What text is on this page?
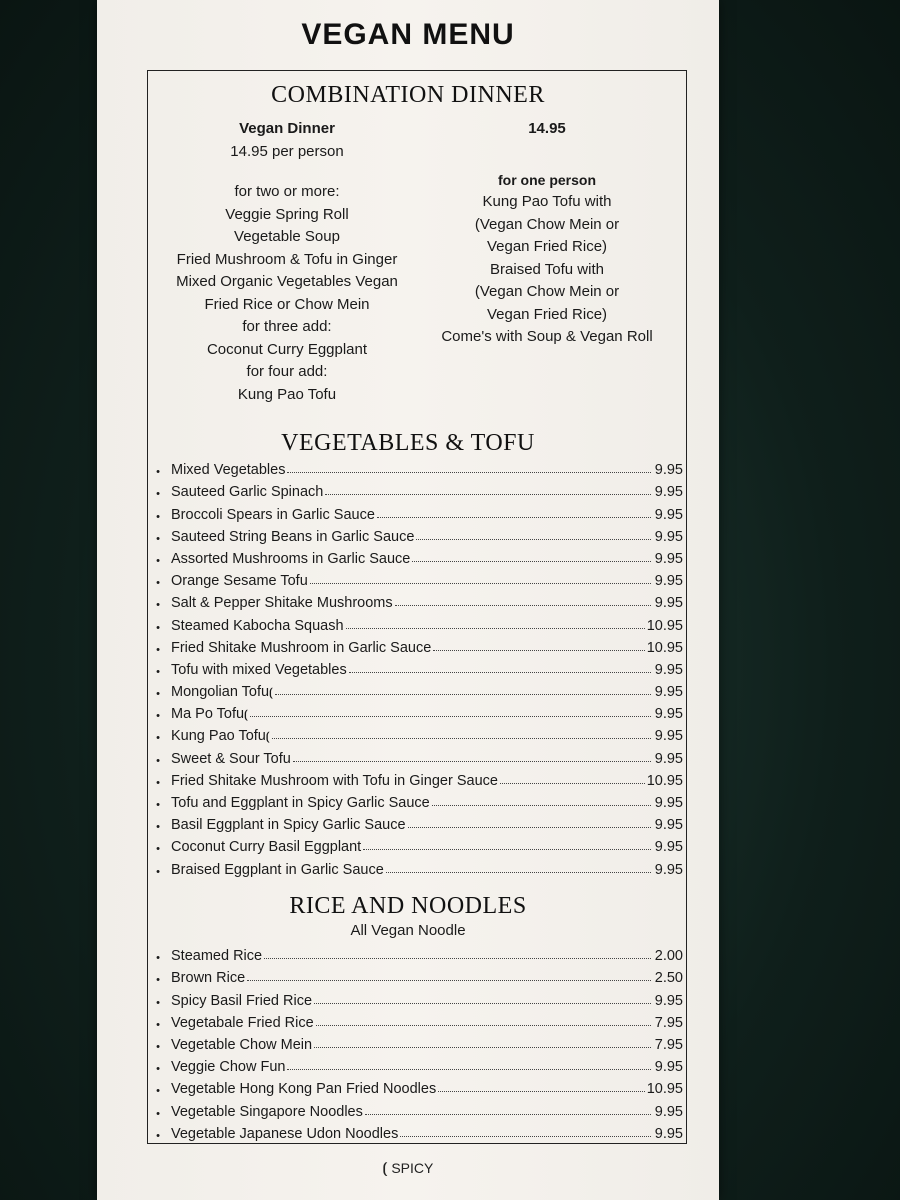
VEGAN MENU
COMBINATION DINNER
Vegan Dinner
14.95 per person
for two or more:
Veggie Spring Roll
Vegetable Soup
Fried Mushroom & Tofu in Ginger
Mixed Organic Vegetables Vegan
Fried Rice or Chow Mein
for three add:
Coconut Curry Eggplant
for four add:
Kung Pao Tofu
14.95
for one person
Kung Pao Tofu with
(Vegan Chow Mein or
Vegan Fried Rice)
Braised Tofu with
(Vegan Chow Mein or
Vegan Fried Rice)
Come's with Soup & Vegan Roll
VEGETABLES & TOFU
• Mixed Vegetables	9.95
• Sauteed Garlic Spinach	9.95
• Broccoli Spears in Garlic Sauce	9.95
• Sauteed String Beans in Garlic Sauce	9.95
• Assorted Mushrooms in Garlic Sauce	9.95
• Orange Sesame Tofu	9.95
• Salt & Pepper Shitake Mushrooms	9.95
• Steamed Kabocha Squash	10.95
• Fried Shitake Mushroom in Garlic Sauce	10.95
• Tofu with mixed Vegetables	9.95
• Mongolian Tofu ⟮	9.95
• Ma Po Tofu ⟮	9.95
• Kung Pao Tofu ⟮	9.95
• Sweet & Sour Tofu	9.95
• Fried Shitake Mushroom with Tofu in Ginger Sauce	10.95
• Tofu and Eggplant in Spicy Garlic Sauce	9.95
• Basil Eggplant in Spicy Garlic Sauce	9.95
• Coconut Curry Basil Eggplant	9.95
• Braised Eggplant in Garlic Sauce	9.95
RICE AND NOODLES
All Vegan Noodle
• Steamed Rice	2.00
• Brown Rice	2.50
• Spicy Basil Fried Rice	9.95
• Vegetabale Fried Rice	7.95
• Vegetable Chow Mein	7.95
• Veggie Chow Fun	9.95
• Vegetable Hong Kong Pan Fried Noodles	10.95
• Vegetable Singapore Noodles	9.95
• Vegetable Japanese Udon Noodles	9.95
⟮ SPICY
